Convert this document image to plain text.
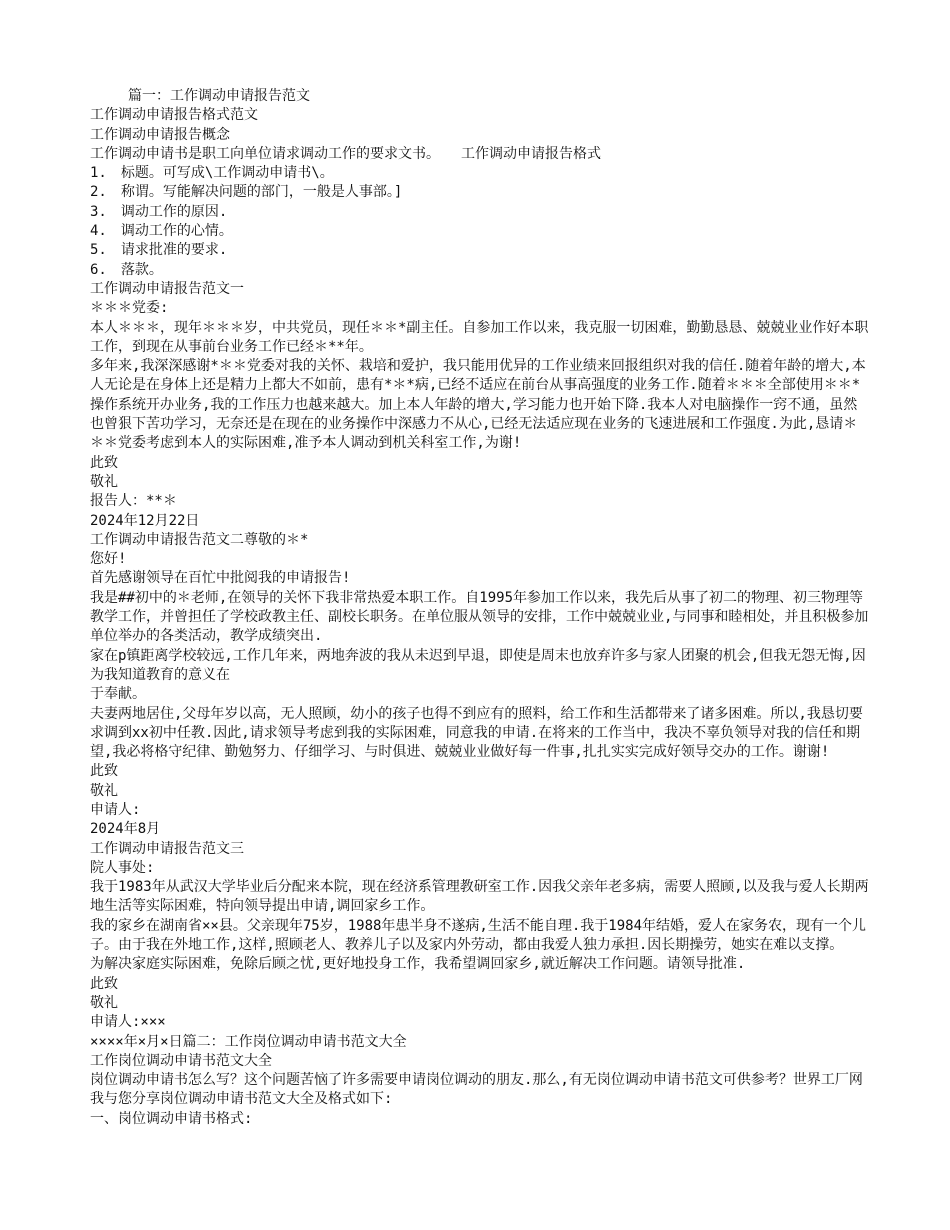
篇一：工作调动申请报告范文

工作调动申请报告格式范文

工作调动申请报告概念

工作调动申请书是职工向单位请求调动工作的要求文书。　　工作调动申请报告格式

1.　标题。可写成\工作调动申请书\。

2.　称谓。写能解决问题的部门，一般是人事部。]

3.　调动工作的原因.

4.　调动工作的心情。

5.　请求批准的要求.

6.　落款。

工作调动申请报告范文一

＊＊＊党委:

本人＊＊＊，现年＊＊＊岁，中共党员，现任＊＊*副主任。自参加工作以来，我克服一切困难，勤勤恳恳、兢兢业业作好本职工作，到现在从事前台业务工作已经＊**年。

多年来,我深深感谢*＊＊党委对我的关怀、栽培和爱护，我只能用优异的工作业绩来回报组织对我的信任.随着年龄的增大,本人无论是在身体上还是精力上都大不如前，患有*＊*病,已经不适应在前台从事高强度的业务工作.随着＊＊＊全部使用＊＊*操作系统开办业务,我的工作压力也越来越大。加上本人年龄的增大,学习能力也开始下降.我本人对电脑操作一窍不通，虽然也曾狠下苦功学习，无奈还是在现在的业务操作中深感力不从心,已经无法适应现在业务的飞速进展和工作强度.为此,恳请＊＊＊党委考虑到本人的实际困难,准予本人调动到机关科室工作,为谢!

此致

敬礼

报告人：**＊

2024年12月22日

工作调动申请报告范文二尊敬的＊*

您好!

首先感谢领导在百忙中批阅我的申请报告!

我是##初中的＊老师,在领导的关怀下我非常热爱本职工作。自1995年参加工作以来，我先后从事了初二的物理、初三物理等教学工作，并曾担任了学校政教主任、副校长职务。在单位服从领导的安排，工作中兢兢业业,与同事和睦相处，并且积极参加单位举办的各类活动，教学成绩突出.

家在p镇距离学校较远,工作几年来，两地奔波的我从未迟到早退，即使是周末也放弃许多与家人团聚的机会,但我无怨无悔,因为我知道教育的意义在

于奉献。

夫妻两地居住,父母年岁以高，无人照顾，幼小的孩子也得不到应有的照料，给工作和生活都带来了诸多困难。所以,我恳切要求调到xx初中任教.因此,请求领导考虑到我的实际困难，同意我的申请.在将来的工作当中，我决不辜负领导对我的信任和期望,我必将格守纪律、勤勉努力、仔细学习、与时俱进、兢兢业业做好每一件事,扎扎实实完成好领导交办的工作。谢谢!

此致

敬礼

申请人:

2024年8月

工作调动申请报告范文三

院人事处:

我于1983年从武汉大学毕业后分配来本院，现在经济系管理教研室工作.因我父亲年老多病，需要人照顾,以及我与爱人长期两地生活等实际困难，特向领导提出申请,调回家乡工作。

我的家乡在湖南省××县。父亲现年75岁，1988年患半身不遂病,生活不能自理.我于1984年结婚，爱人在家务农，现有一个儿子。由于我在外地工作,这样,照顾老人、教养儿子以及家内外劳动，都由我爱人独力承担.因长期操劳，她实在难以支撑。

为解决家庭实际困难，免除后顾之忧,更好地投身工作，我希望调回家乡,就近解决工作问题。请领导批准.

此致

敬礼

申请人:×××

××××年×月×日篇二：工作岗位调动申请书范文大全

工作岗位调动申请书范文大全

岗位调动申请书怎么写？这个问题苦恼了许多需要申请岗位调动的朋友.那么,有无岗位调动申请书范文可供参考？世界工厂网我与您分享岗位调动申请书范文大全及格式如下:

一、岗位调动申请书格式:
